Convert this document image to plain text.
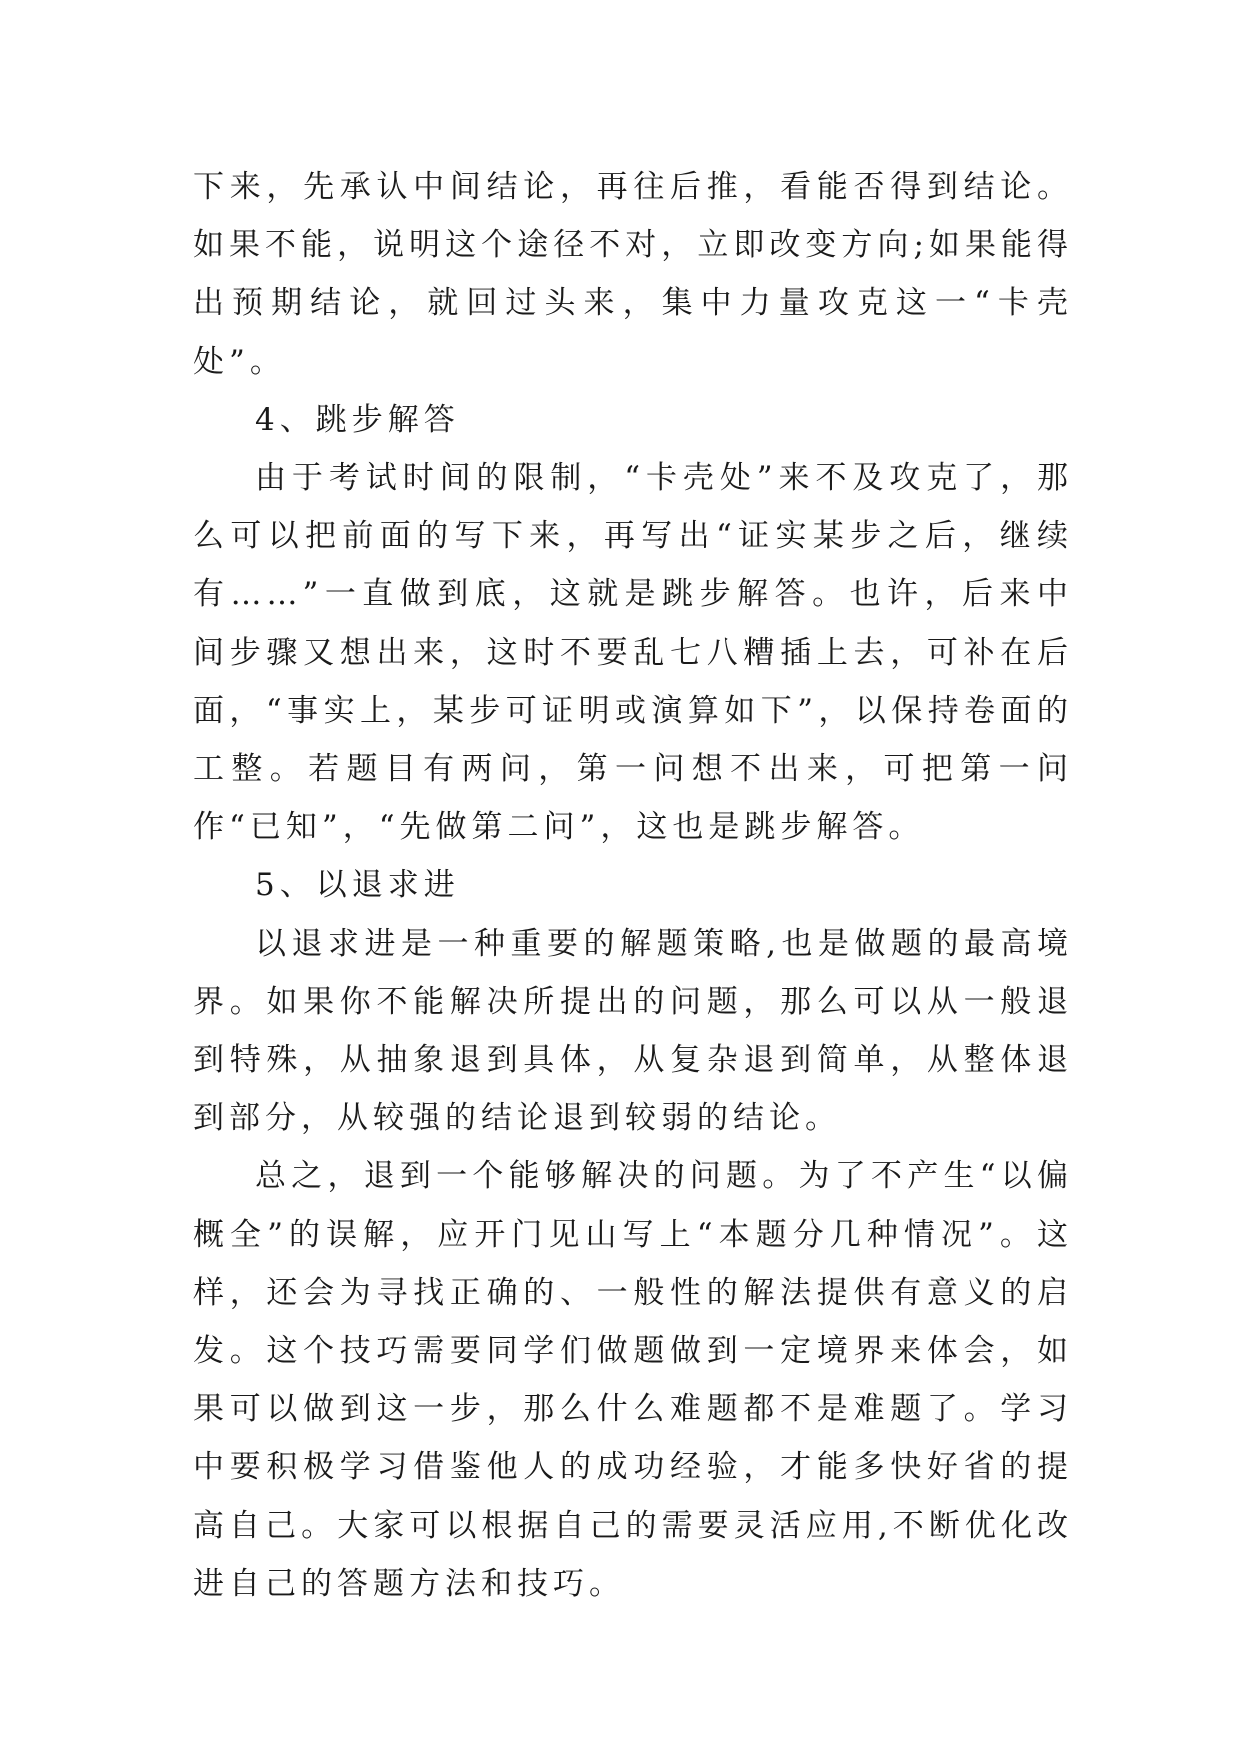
下来，先承认中间结论，再往后推，看能否得到结论。如果不能，说明这个途径不对，立即改变方向;如果能得出预期结论，就回过头来，集中力量攻克这一“卡壳处”。

4、跳步解答

由于考试时间的限制，“卡壳处”来不及攻克了，那么可以把前面的写下来，再写出“证实某步之后，继续有……”一直做到底，这就是跳步解答。也许，后来中间步骤又想出来，这时不要乱七八糟插上去，可补在后面，“事实上，某步可证明或演算如下”，以保持卷面的工整。若题目有两问，第一问想不出来，可把第一问作“已知”，“先做第二问”，这也是跳步解答。

5、以退求进

以退求进是一种重要的解题策略,也是做题的最高境界。如果你不能解决所提出的问题，那么可以从一般退到特殊，从抽象退到具体，从复杂退到简单，从整体退到部分，从较强的结论退到较弱的结论。

总之，退到一个能够解决的问题。为了不产生“以偏概全”的误解，应开门见山写上“本题分几种情况”。这样，还会为寻找正确的、一般性的解法提供有意义的启发。这个技巧需要同学们做题做到一定境界来体会，如果可以做到这一步，那么什么难题都不是难题了。学习中要积极学习借鉴他人的成功经验，才能多快好省的提高自己。大家可以根据自己的需要灵活应用,不断优化改进自己的答题方法和技巧。
